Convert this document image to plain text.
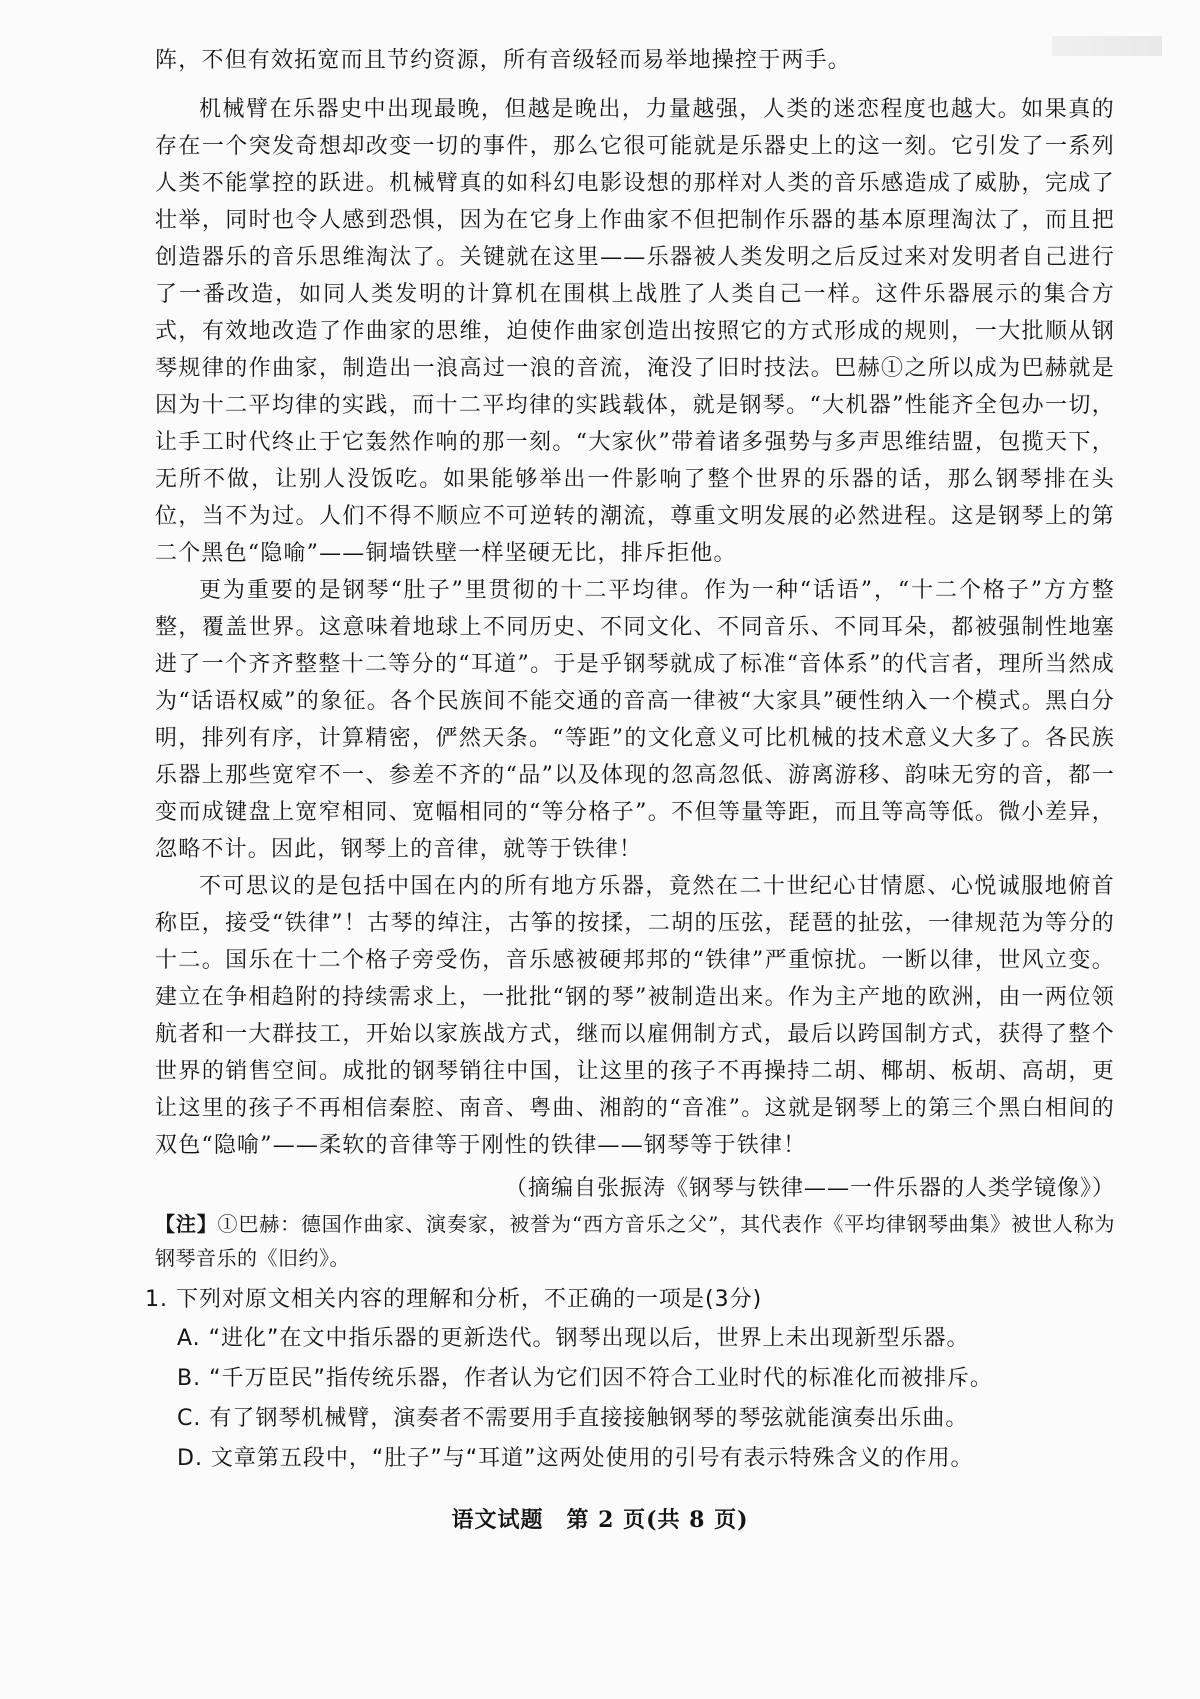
阵，不但有效拓宽而且节约资源，所有音级轻而易举地操控于两手。

机械臂在乐器史中出现最晚，但越是晚出，力量越强，人类的迷恋程度也越大。如果真的存在一个突发奇想却改变一切的事件，那么它很可能就是乐器史上的这一刻。它引发了一系列人类不能掌控的跃进。机械臂真的如科幻电影设想的那样对人类的音乐感造成了威胁，完成了壮举，同时也令人感到恐惧，因为在它身上作曲家不但把制作乐器的基本原理淘汰了，而且把创造器乐的音乐思维淘汰了。关键就在这里——乐器被人类发明之后反过来对发明者自己进行了一番改造，如同人类发明的计算机在围棋上战胜了人类自己一样。这件乐器展示的集合方式，有效地改造了作曲家的思维，迫使作曲家创造出按照它的方式形成的规则，一大批顺从钢琴规律的作曲家，制造出一浪高过一浪的音流，淹没了旧时技法。巴赫①之所以成为巴赫就是因为十二平均律的实践，而十二平均律的实践载体，就是钢琴。“大机器”性能齐全包办一切，让手工时代终止于它轰然作响的那一刻。“大家伙”带着诸多强势与多声思维结盟，包揽天下，无所不做，让别人没饭吃。如果能够举出一件影响了整个世界的乐器的话，那么钢琴排在头位，当不为过。人们不得不顺应不可逆转的潮流，尊重文明发展的必然进程。这是钢琴上的第二个黑色“隐喻”——铜墙铁壁一样坚硬无比，排斥拒他。

更为重要的是钢琴“肚子”里贯彻的十二平均律。作为一种“话语”，“十二个格子”方方整整，覆盖世界。这意味着地球上不同历史、不同文化、不同音乐、不同耳朵，都被强制性地塞进了一个齐齐整整十二等分的“耳道”。于是乎钢琴就成了标准“音体系”的代言者，理所当然成为“话语权威”的象征。各个民族间不能交通的音高一律被“大家具”硬性纳入一个模式。黑白分明，排列有序，计算精密，俨然天条。“等距”的文化意义可比机械的技术意义大多了。各民族乐器上那些宽窄不一、参差不齐的“品”以及体现的忽高忽低、游离游移、韵味无穷的音，都一变而成键盘上宽窄相同、宽幅相同的“等分格子”。不但等量等距，而且等高等低。微小差异，忽略不计。因此，钢琴上的音律，就等于铁律！

不可思议的是包括中国在内的所有地方乐器，竟然在二十世纪心甘情愿、心悦诚服地俯首称臣，接受“铁律”！古琴的绰注，古筝的按揉，二胡的压弦，琵琶的扯弦，一律规范为等分的十二。国乐在十二个格子旁受伤，音乐感被硬邦邦的“铁律”严重惊扰。一断以律，世风立变。建立在争相趋附的持续需求上，一批批“钢的琴”被制造出来。作为主产地的欧洲，由一两位领航者和一大群技工，开始以家族战方式，继而以雇佣制方式，最后以跨国制方式，获得了整个世界的销售空间。成批的钢琴销往中国，让这里的孩子不再操持二胡、椰胡、板胡、高胡，更让这里的孩子不再相信秦腔、南音、粤曲、湘韵的“音准”。这就是钢琴上的第三个黑白相间的双色“隐喻”——柔软的音律等于刚性的铁律——钢琴等于铁律！

（摘编自张振涛《钢琴与铁律——一件乐器的人类学镜像》）

【注】①巴赫：德国作曲家、演奏家，被誉为“西方音乐之父”，其代表作《平均律钢琴曲集》被世人称为钢琴音乐的《旧约》。

1. 下列对原文相关内容的理解和分析，不正确的一项是(3分)

A. “进化”在文中指乐器的更新迭代。钢琴出现以后，世界上未出现新型乐器。

B. “千万臣民”指传统乐器，作者认为它们因不符合工业时代的标准化而被排斥。

C. 有了钢琴机械臂，演奏者不需要用手直接接触钢琴的琴弦就能演奏出乐曲。

D. 文章第五段中，“肚子”与“耳道”这两处使用的引号有表示特殊含义的作用。

语文试题　第 2 页(共 8 页)
